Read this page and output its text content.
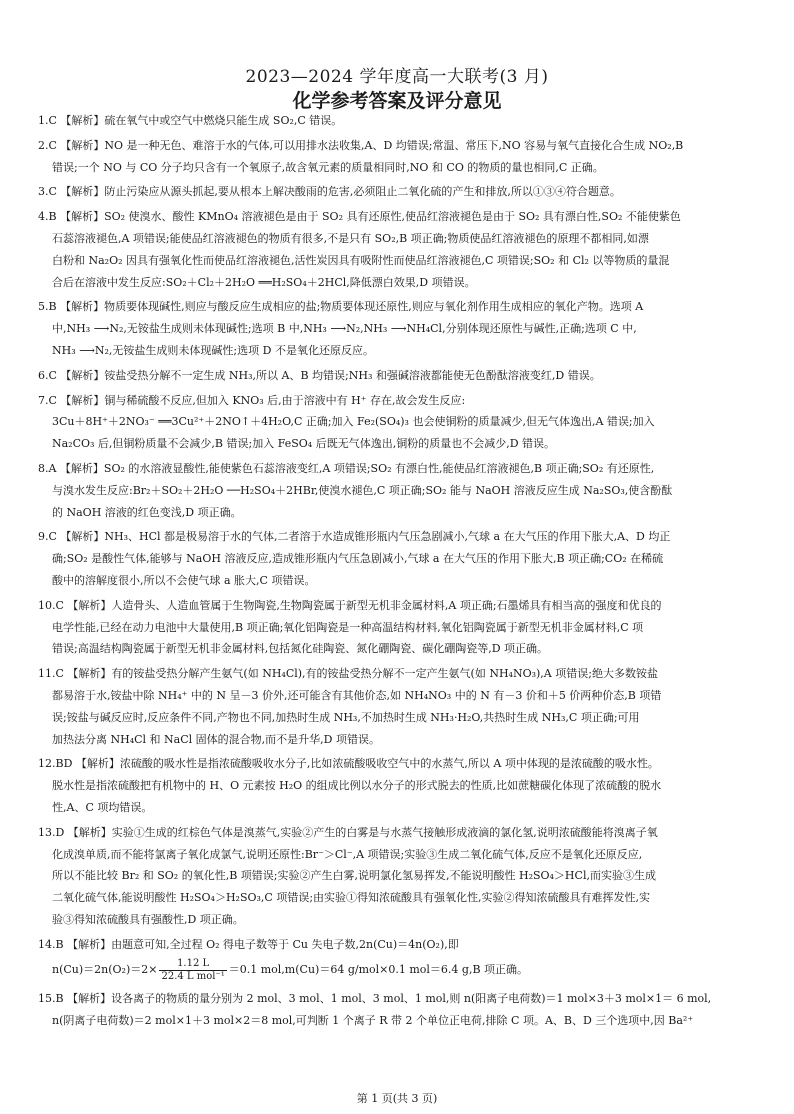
2023—2024 学年度高一大联考(3 月)
化学参考答案及评分意见
1.C 【解析】硫在氧气中或空气中燃烧只能生成 SO₂,C 错误。
2.C 【解析】NO 是一种无色、难溶于水的气体,可以用排水法收集,A、D 均错误;常温、常压下,NO 容易与氧气直接化合生成 NO₂,B
错误;一个 NO 与 CO 分子均只含有一个氧原子,故含氧元素的质量相同时,NO 和 CO 的物质的量也相同,C 正确。
3.C 【解析】防止污染应从源头抓起,要从根本上解决酸雨的危害,必须阻止二氧化硫的产生和排放,所以①③④符合题意。
4.B 【解析】SO₂ 使溴水、酸性 KMnO₄ 溶液褪色是由于 SO₂ 具有还原性,使品红溶液褪色是由于 SO₂ 具有漂白性,SO₂ 不能使紫色
石蕊溶液褪色,A 项错误;能使品红溶液褪色的物质有很多,不是只有 SO₂,B 项正确;物质使品红溶液褪色的原理不都相同,如漂
白粉和 Na₂O₂ 因具有强氧化性而使品红溶液褪色,活性炭因具有吸附性而使品红溶液褪色,C 项错误;SO₂ 和 Cl₂ 以等物质的量混
合后在溶液中发生反应:SO₂＋Cl₂＋2H₂O ══H₂SO₄＋2HCl,降低漂白效果,D 项错误。
5.B 【解析】物质要体现碱性,则应与酸反应生成相应的盐;物质要体现还原性,则应与氧化剂作用生成相应的氧化产物。选项 A
中,NH₃ ⟶N₂,无铵盐生成则未体现碱性;选项 B 中,NH₃ ⟶N₂,NH₃ ⟶NH₄Cl,分别体现还原性与碱性,正确;选项 C 中,
NH₃ ⟶N₂,无铵盐生成则未体现碱性;选项 D 不是氧化还原反应。
6.C 【解析】铵盐受热分解不一定生成 NH₃,所以 A、B 均错误;NH₃ 和强碱溶液都能使无色酚酞溶液变红,D 错误。
7.C 【解析】铜与稀硫酸不反应,但加入 KNO₃ 后,由于溶液中有 H⁺ 存在,故会发生反应:
3Cu＋8H⁺＋2NO₃⁻ ══3Cu²⁺＋2NO↑＋4H₂O,C 正确;加入 Fe₂(SO₄)₃ 也会使铜粉的质量减少,但无气体逸出,A 错误;加入
Na₂CO₃ 后,但铜粉质量不会减少,B 错误;加入 FeSO₄ 后既无气体逸出,铜粉的质量也不会减少,D 错误。
8.A 【解析】SO₂ 的水溶液显酸性,能使紫色石蕊溶液变红,A 项错误;SO₂ 有漂白性,能使品红溶液褪色,B 项正确;SO₂ 有还原性,
与溴水发生反应:Br₂＋SO₂＋2H₂O ──H₂SO₄＋2HBr,使溴水褪色,C 项正确;SO₂ 能与 NaOH 溶液反应生成 Na₂SO₃,使含酚酞
的 NaOH 溶液的红色变浅,D 项正确。
9.C 【解析】NH₃、HCl 都是极易溶于水的气体,二者溶于水造成锥形瓶内气压急剧减小,气球 a 在大气压的作用下胀大,A、D 均正
确;SO₂ 是酸性气体,能够与 NaOH 溶液反应,造成锥形瓶内气压急剧减小,气球 a 在大气压的作用下胀大,B 项正确;CO₂ 在稀硫
酸中的溶解度很小,所以不会使气球 a 胀大,C 项错误。
10.C 【解析】人造骨头、人造血管属于生物陶瓷,生物陶瓷属于新型无机非金属材料,A 项正确;石墨烯具有相当高的强度和优良的
电学性能,已经在动力电池中大量使用,B 项正确;氧化铝陶瓷是一种高温结构材料,氧化铝陶瓷属于新型无机非金属材料,C 项
错误;高温结构陶瓷属于新型无机非金属材料,包括氮化硅陶瓷、氮化硼陶瓷、碳化硼陶瓷等,D 项正确。
11.C 【解析】有的铵盐受热分解产生氨气(如 NH₄Cl),有的铵盐受热分解不一定产生氨气(如 NH₄NO₃),A 项错误;绝大多数铵盐
都易溶于水,铵盐中除 NH₄⁺ 中的 N 呈－3 价外,还可能含有其他价态,如 NH₄NO₃ 中的 N 有－3 价和＋5 价两种价态,B 项错
误;铵盐与碱反应时,反应条件不同,产物也不同,加热时生成 NH₃,不加热时生成 NH₃·H₂O,共热时生成 NH₃,C 项正确;可用
加热法分离 NH₄Cl 和 NaCl 固体的混合物,而不是升华,D 项错误。
12.BD 【解析】浓硫酸的吸水性是指浓硫酸吸收水分子,比如浓硫酸吸收空气中的水蒸气,所以 A 项中体现的是浓硫酸的吸水性。
脱水性是指浓硫酸把有机物中的 H、O 元素按 H₂O 的组成比例以水分子的形式脱去的性质,比如蔗糖碳化体现了浓硫酸的脱水
性,A、C 项均错误。
13.D 【解析】实验①生成的红棕色气体是溴蒸气,实验②产生的白雾是与水蒸气接触形成液滴的氯化氢,说明浓硫酸能将溴离子氧
化成溴单质,而不能将氯离子氧化成氯气,说明还原性:Br⁻＞Cl⁻,A 项错误;实验③生成二氧化硫气体,反应不是氧化还原反应,
所以不能比较 Br₂ 和 SO₂ 的氧化性,B 项错误;实验②产生白雾,说明氯化氢易挥发,不能说明酸性 H₂SO₄＞HCl,而实验③生成
二氧化硫气体,能说明酸性 H₂SO₄＞H₂SO₃,C 项错误;由实验①得知浓硫酸具有强氧化性,实验②得知浓硫酸具有难挥发性,实
验③得知浓硫酸具有强酸性,D 项正确。
14.B 【解析】由题意可知,全过程 O₂ 得电子数等于 Cu 失电子数,2n(Cu)＝4n(O₂),即
$n(Cu)=2n(O_2)=2\times \frac{1.12 L}{\text{22.4 L mol⁻¹}} =0.1$ mol,m(Cu)＝64 g/mol×0.1 mol＝6.4 g,B 项正确。
15.B 【解析】设各离子的物质的量分别为 2 mol、3 mol、1 mol、3 mol、1 mol,则 n(阳离子电荷数)＝1 mol×3＋3 mol×1＝ 6 mol,
n(阴离子电荷数)＝2 mol×1＋3 mol×2＝8 mol,可判断 1 个离子 R 带 2 个单位正电荷,排除 C 项。A、B、D 三个选项中,因 Ba²⁺
第 1 页(共 3 页)
